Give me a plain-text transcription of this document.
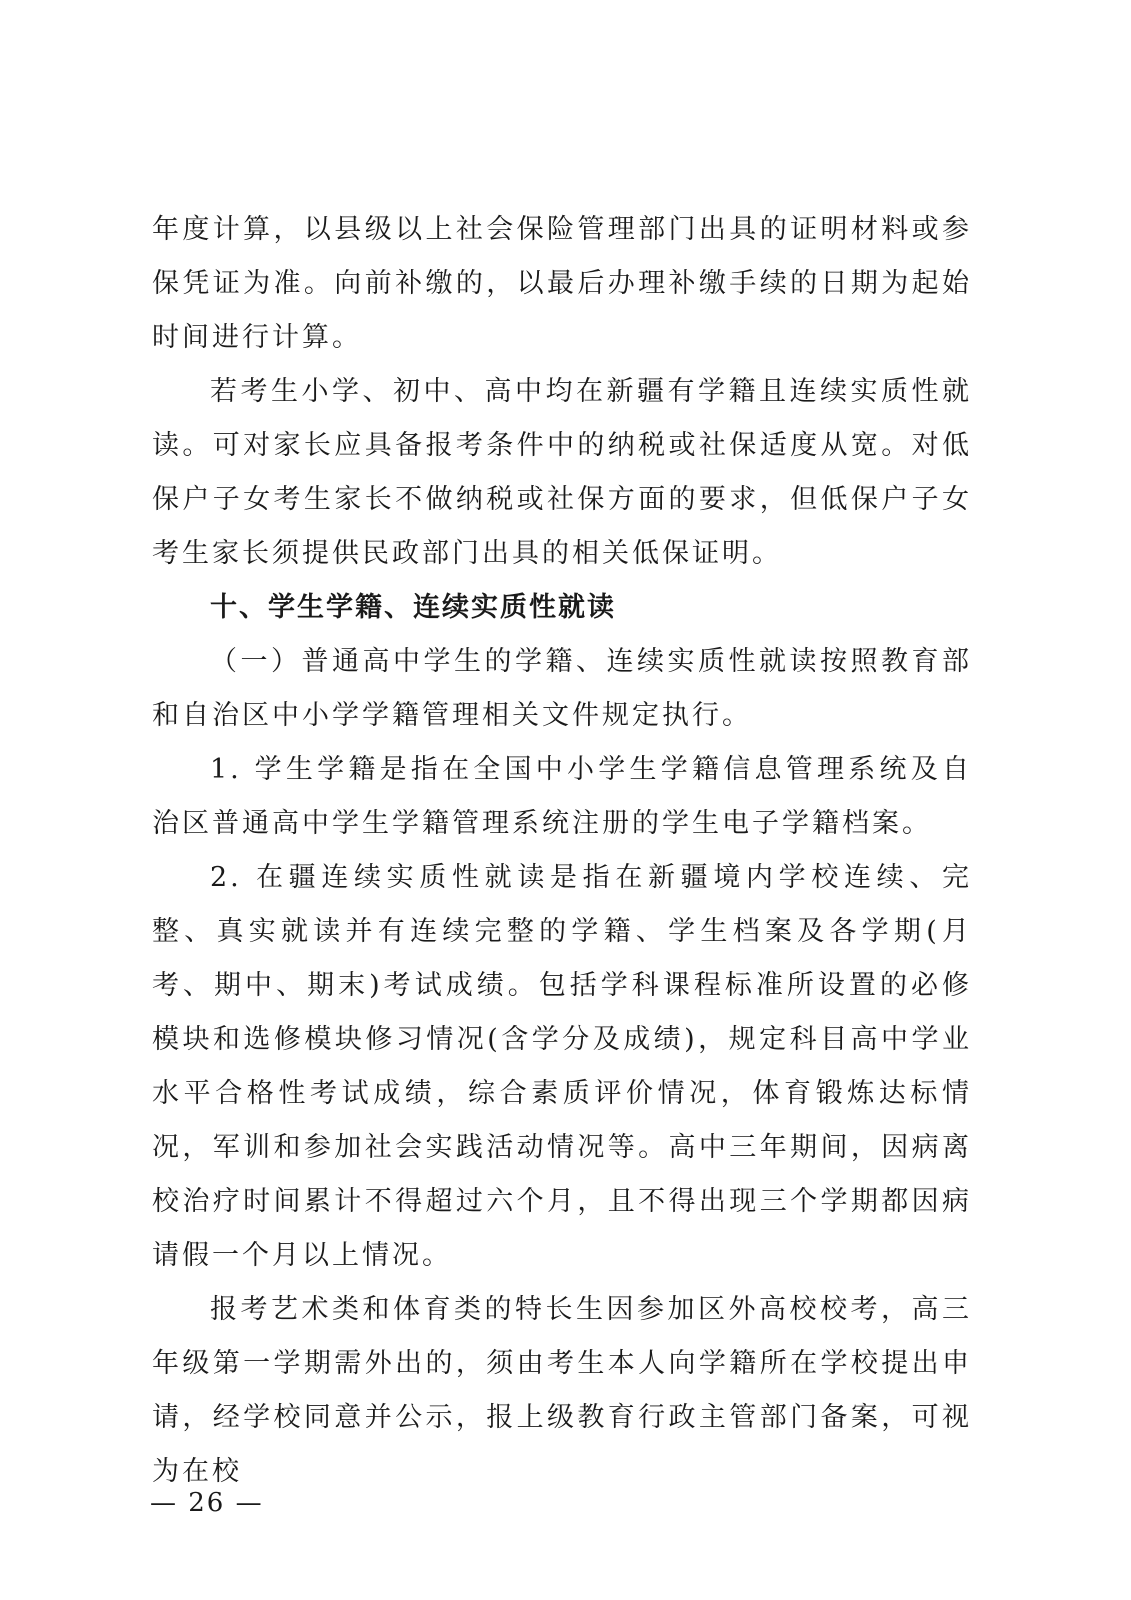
年度计算，以县级以上社会保险管理部门出具的证明材料或参保凭证为准。向前补缴的，以最后办理补缴手续的日期为起始时间进行计算。

若考生小学、初中、高中均在新疆有学籍且连续实质性就读。可对家长应具备报考条件中的纳税或社保适度从宽。对低保户子女考生家长不做纳税或社保方面的要求，但低保户子女考生家长须提供民政部门出具的相关低保证明。

十、学生学籍、连续实质性就读

（一）普通高中学生的学籍、连续实质性就读按照教育部和自治区中小学学籍管理相关文件规定执行。

1. 学生学籍是指在全国中小学生学籍信息管理系统及自治区普通高中学生学籍管理系统注册的学生电子学籍档案。

2. 在疆连续实质性就读是指在新疆境内学校连续、完整、真实就读并有连续完整的学籍、学生档案及各学期(月考、期中、期末)考试成绩。包括学科课程标准所设置的必修模块和选修模块修习情况(含学分及成绩)，规定科目高中学业水平合格性考试成绩，综合素质评价情况，体育锻炼达标情况，军训和参加社会实践活动情况等。高中三年期间，因病离校治疗时间累计不得超过六个月，且不得出现三个学期都因病请假一个月以上情况。

报考艺术类和体育类的特长生因参加区外高校校考，高三年级第一学期需外出的，须由考生本人向学籍所在学校提出申请，经学校同意并公示，报上级教育行政主管部门备案，可视为在校

— 26 —
